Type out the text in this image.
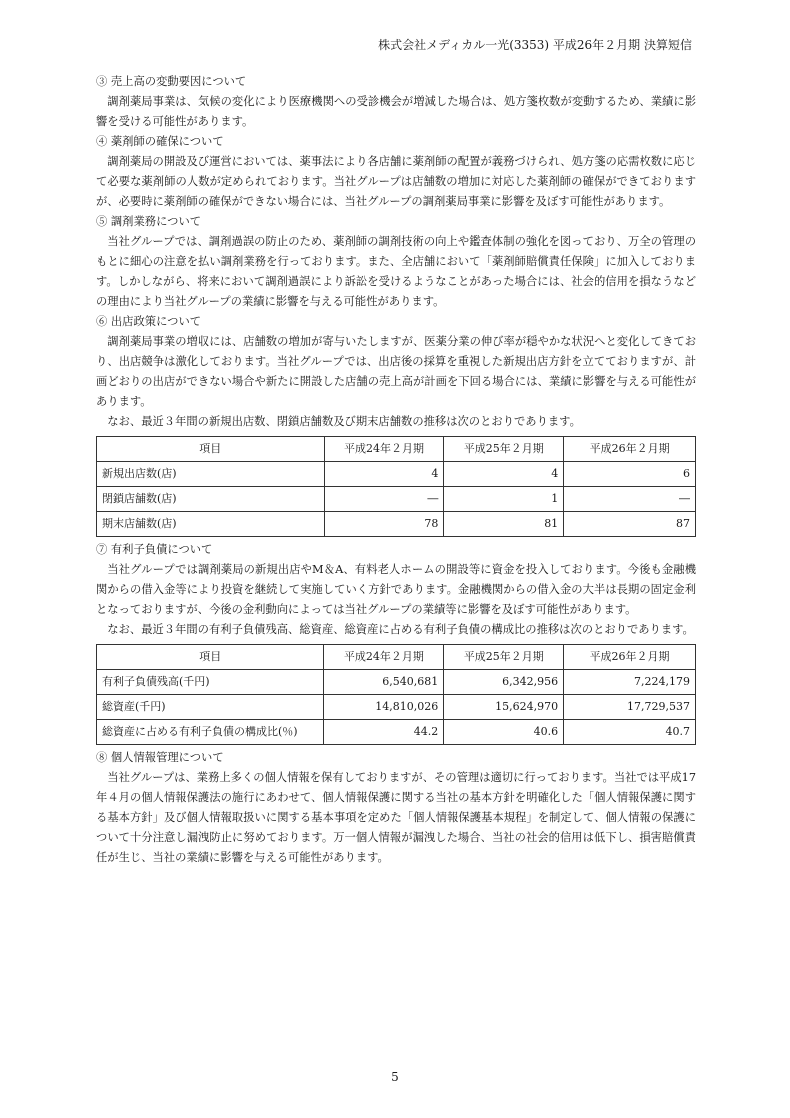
株式会社メディカル一光(3353) 平成26年２月期 決算短信
③ 売上高の変動要因について

調剤薬局事業は、気候の変化により医療機関への受診機会が増減した場合は、処方箋枚数が変動するため、業績に影響を受ける可能性があります。

④ 薬剤師の確保について

調剤薬局の開設及び運営においては、薬事法により各店舗に薬剤師の配置が義務づけられ、処方箋の応需枚数に応じて必要な薬剤師の人数が定められております。当社グループは店舗数の増加に対応した薬剤師の確保ができておりますが、必要時に薬剤師の確保ができない場合には、当社グループの調剤薬局事業に影響を及ぼす可能性があります。

⑤ 調剤業務について

当社グループでは、調剤過誤の防止のため、薬剤師の調剤技術の向上や鑑査体制の強化を図っており、万全の管理のもとに細心の注意を払い調剤業務を行っております。また、全店舗において「薬剤師賠償責任保険」に加入しております。しかしながら、将来において調剤過誤により訴訟を受けるようなことがあった場合には、社会的信用を損なうなどの理由により当社グループの業績に影響を与える可能性があります。

⑥ 出店政策について

調剤薬局事業の増収には、店舗数の増加が寄与いたしますが、医薬分業の伸び率が穏やかな状況へと変化してきており、出店競争は激化しております。当社グループでは、出店後の採算を重視した新規出店方針を立てておりますが、計画どおりの出店ができない場合や新たに開設した店舗の売上高が計画を下回る場合には、業績に影響を与える可能性があります。

なお、最近３年間の新規出店数、閉鎖店舗数及び期末店舗数の推移は次のとおりであります。

項目	平成24年２月期	平成25年２月期	平成26年２月期
新規出店数(店)	4	4	6
閉鎖店舗数(店)	―	1	―
期末店舗数(店)	78	81	87
⑦ 有利子負債について

当社グループでは調剤薬局の新規出店やM＆A、有料老人ホームの開設等に資金を投入しております。今後も金融機関からの借入金等により投資を継続して実施していく方針であります。金融機関からの借入金の大半は長期の固定金利となっておりますが、今後の金利動向によっては当社グループの業績等に影響を及ぼす可能性があります。

なお、最近３年間の有利子負債残高、総資産、総資産に占める有利子負債の構成比の推移は次のとおりであります。

項目	平成24年２月期	平成25年２月期	平成26年２月期
有利子負債残高(千円)	6,540,681	6,342,956	7,224,179
総資産(千円)	14,810,026	15,624,970	17,729,537
総資産に占める有利子負債の構成比(％)	44.2	40.6	40.7
⑧ 個人情報管理について

当社グループは、業務上多くの個人情報を保有しておりますが、その管理は適切に行っております。当社では平成17年４月の個人情報保護法の施行にあわせて、個人情報保護に関する当社の基本方針を明確化した「個人情報保護に関する基本方針」及び個人情報取扱いに関する基本事項を定めた「個人情報保護基本規程」を制定して、個人情報の保護について十分注意し漏洩防止に努めております。万一個人情報が漏洩した場合、当社の社会的信用は低下し、損害賠償責任が生じ、当社の業績に影響を与える可能性があります。

5
